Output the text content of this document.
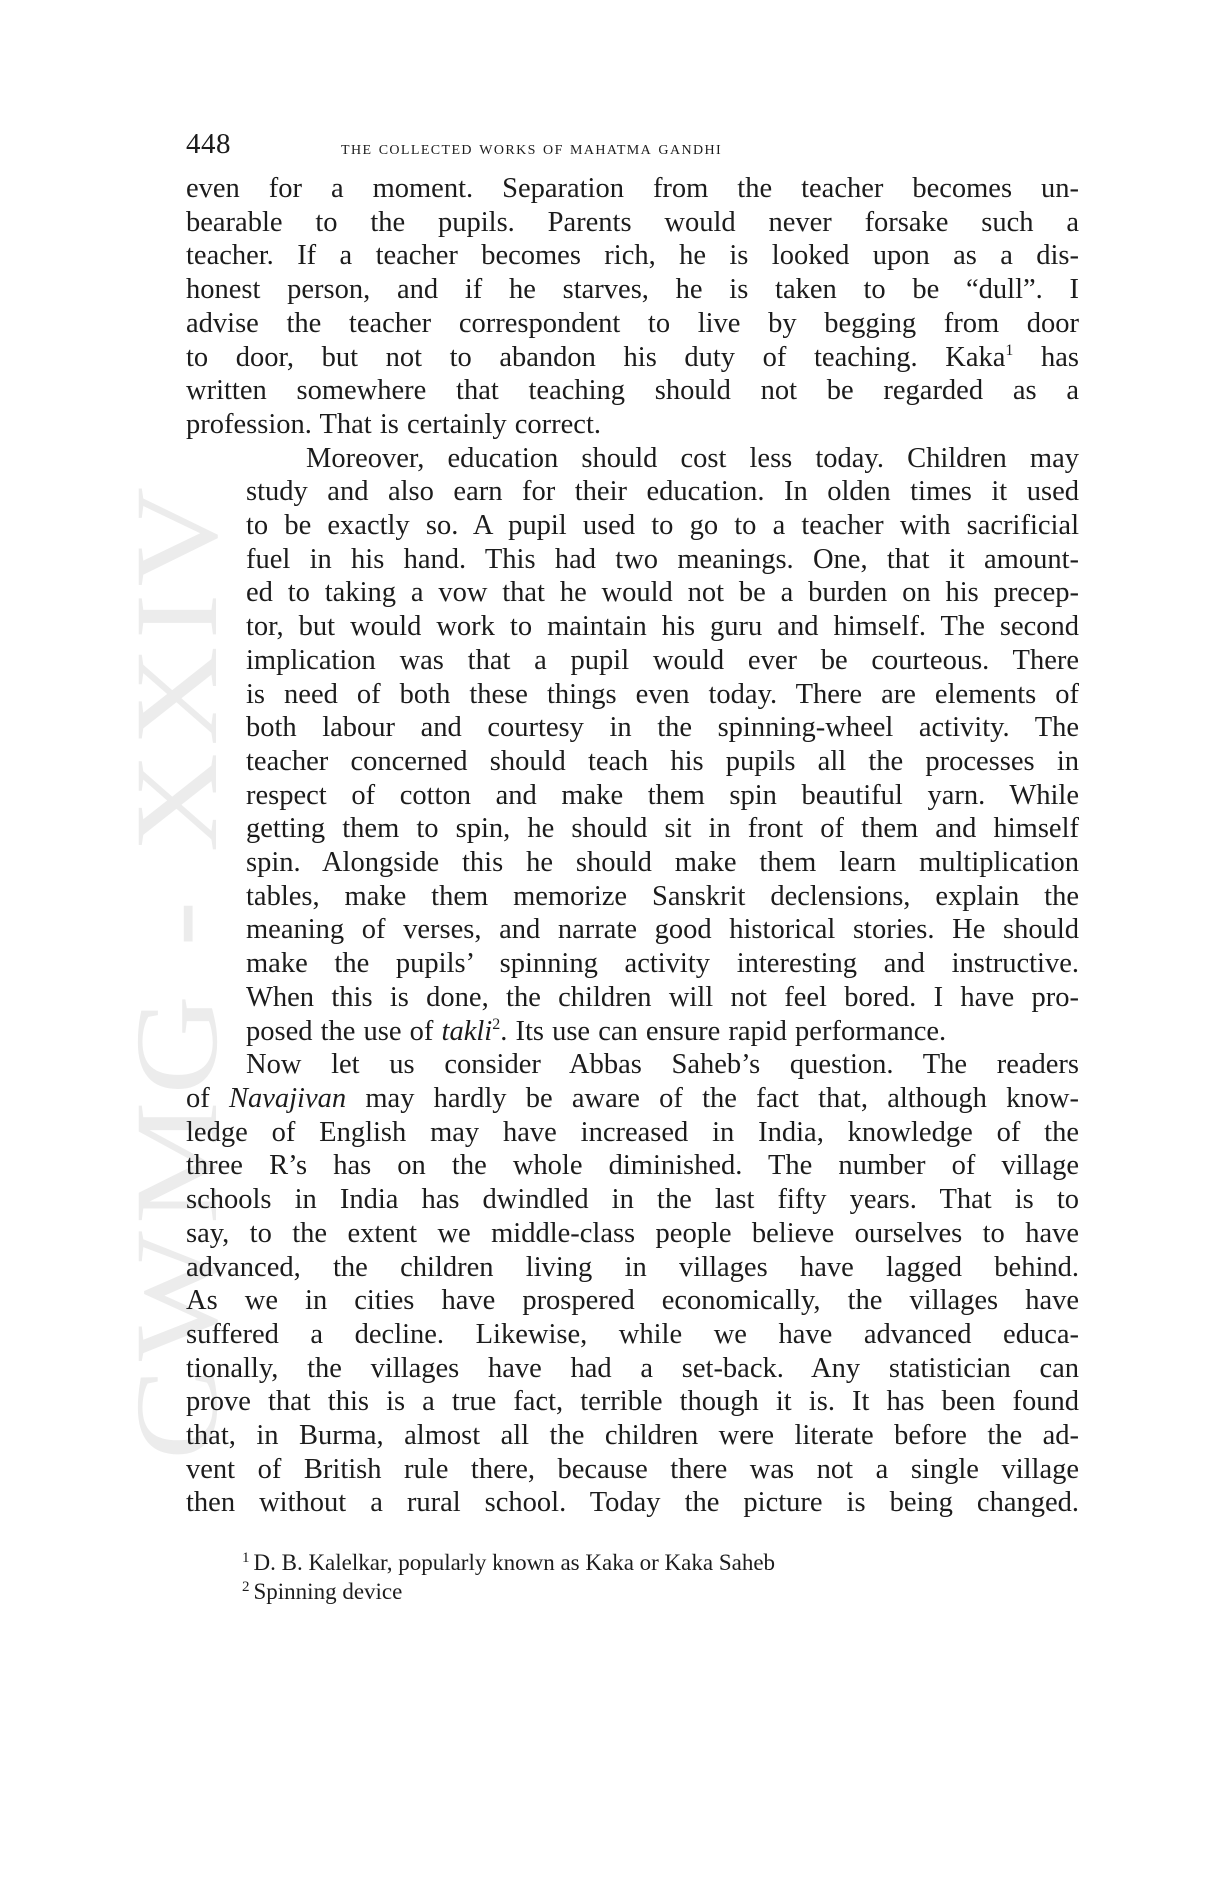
CWMG XXIV
448	the collected works of mahatma gandhi

even for a moment. Separation from the teacher becomes un-
bearable to the pupils. Parents would never forsake such a
teacher. If a teacher becomes rich, he is looked upon as a dis-
honest person, and if he starves, he is taken to be “dull”. I
advise the teacher correspondent to live by begging from door
to door, but not to abandon his duty of teaching. Kaka$^1$ has
written somewhere that teaching should not be regarded as a
profession. That is certainly correct.

Moreover, education should cost less today. Children may
study and also earn for their education. In olden times it used
to be exactly so. A pupil used to go to a teacher with sacrificial
fuel in his hand. This had two meanings. One, that it amount-
ed to taking a vow that he would not be a burden on his precep-
tor, but would work to maintain his guru and himself. The second
implication was that a pupil would ever be courteous. There
is need of both these things even today. There are elements of
both labour and courtesy in the spinning-wheel activity. The
teacher concerned should teach his pupils all the processes in
respect of cotton and make them spin beautiful yarn. While
getting them to spin, he should sit in front of them and himself
spin. Alongside this he should make them learn multiplication
tables, make them memorize Sanskrit declensions, explain the
meaning of verses, and narrate good historical stories. He should
make the pupils’ spinning activity interesting and instructive.
When this is done, the children will not feel bored. I have pro-
posed the use of takli$^2$. Its use can ensure rapid performance.

Now let us consider Abbas Saheb’s question. The readers
of Navajivan may hardly be aware of the fact that, although know-
ledge of English may have increased in India, knowledge of the
three R’s has on the whole diminished. The number of village
schools in India has dwindled in the last fifty years. That is to
say, to the extent we middle-class people believe ourselves to have
advanced, the children living in villages have lagged behind.
As we in cities have prospered economically, the villages have
suffered a decline. Likewise, while we have advanced educa-
tionally, the villages have had a set-back. Any statistician can
prove that this is a true fact, terrible though it is. It has been found
that, in Burma, almost all the children were literate before the ad-
vent of British rule there, because there was not a single village
then without a rural school. Today the picture is being changed.

$^1$ D. B. Kalelkar, popularly known as Kaka or Kaka Saheb
$^2$ Spinning device
